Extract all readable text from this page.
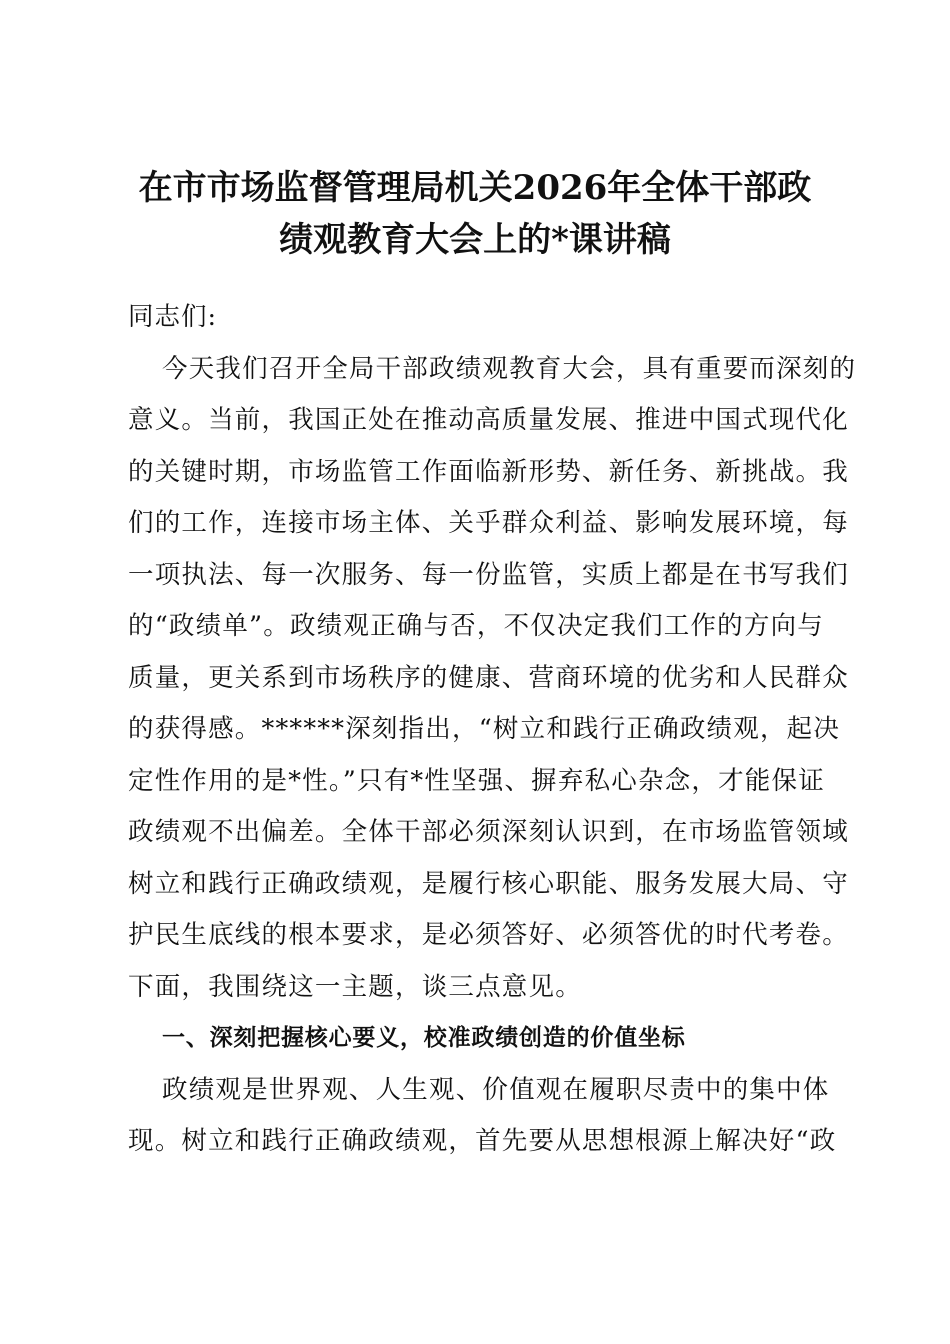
在市市场监督管理局机关2026年全体干部政
绩观教育大会上的*课讲稿
同志们:
今天我们召开全局干部政绩观教育大会，具有重要而深刻的
意义。当前，我国正处在推动高质量发展、推进中国式现代化
的关键时期，市场监管工作面临新形势、新任务、新挑战。我
们的工作，连接市场主体、关乎群众利益、影响发展环境，每
一项执法、每一次服务、每一份监管，实质上都是在书写我们
的“政绩单”。政绩观正确与否，不仅决定我们工作的方向与
质量，更关系到市场秩序的健康、营商环境的优劣和人民群众
的获得感。******深刻指出，“树立和践行正确政绩观，起决
定性作用的是*性。”只有*性坚强、摒弃私心杂念，才能保证
政绩观不出偏差。全体干部必须深刻认识到，在市场监管领域
树立和践行正确政绩观，是履行核心职能、服务发展大局、守
护民生底线的根本要求，是必须答好、必须答优的时代考卷。
下面，我围绕这一主题，谈三点意见。
一、深刻把握核心要义，校准政绩创造的价值坐标
政绩观是世界观、人生观、价值观在履职尽责中的集中体
现。树立和践行正确政绩观，首先要从思想根源上解决好“政
